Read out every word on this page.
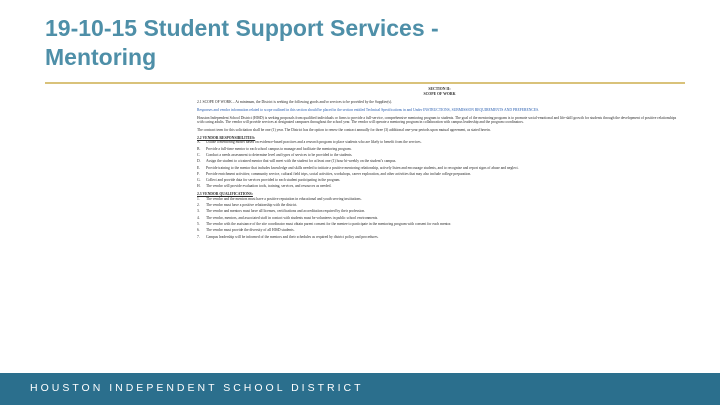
19-10-15 Student Support Services -
Mentoring
SECTION II:
SCOPE OF WORK

2.1 SCOPE OF WORK – At minimum, the District is seeking the following goods and/or services to be provided by the Supplier(s).

Responses and vendor information related to scope outlined in this section should be placed in the section entitled Technical Specifications in and Under INSTRUCTIONS, SUBMISSION REQUIREMENTS AND PREFERENCES.

Houston Independent School District (HISD) is seeking proposals from qualified individuals or firms to provide a full-service, comprehensive mentoring program to students. The goal of the mentoring program is to promote social-emotional and life-skill growth for students through the development of positive relationships with caring adults. The vendor will provide services at designated campuses throughout the school year. The vendor will operate a mentoring program in collaboration with campus leadership and the program coordinators.

The contract term for this solicitation shall be one (1) year. The District has the option to renew the contract annually for three (3) additional one-year periods upon mutual agreement, as stated herein.

2.2 VENDOR RESPONSIBILITIES:
A.	Utilize a mentoring model based on evidence-based practices and a research program to place students who are likely to benefit from the services.
B.	Provide a full-time mentor to each school campus to manage and facilitate the mentoring program.
C.	Conduct a needs assessment to determine level and types of services to be provided to the students.
D.	Assign the student to a trained mentor that will meet with the student for at least one (1) hour bi-weekly on the student’s campus.
E.	Provide training to the mentor that includes knowledge and skills needed to initiate a positive mentoring relationship, actively listen and encourage students, and to recognize and report signs of abuse and neglect.
F.	Provide enrichment activities; community service, cultural field trips, social activities, workshops, career exploration, and other activities that may also include college preparation.
G.	Collect and provide data for services provided to each student participating in the program.
H.	The vendor will provide evaluation tools, training, services, and resources as needed.
2.3 VENDOR QUALIFICATIONS:
1.	The vendor and the mentors must have a positive reputation in educational and youth serving institutions.
2.	The vendor must have a positive relationship with the district.
3.	The vendor and mentors must have all licenses, certifications and accreditation required by their profession.
4.	The vendor, mentors, and associated staff in contact with students must be volunteers in public school environments.
5.	The vendor with the assistance of the site coordinator must obtain parent consent for the mentee to participate in the mentoring program with consent for each mentor.
6.	The vendor must provide the diversity of all HISD students.
7.	Campus leadership will be informed of the mentors and their schedules as required by district policy and procedures.
HOUSTON INDEPENDENT SCHOOL DISTRICT
